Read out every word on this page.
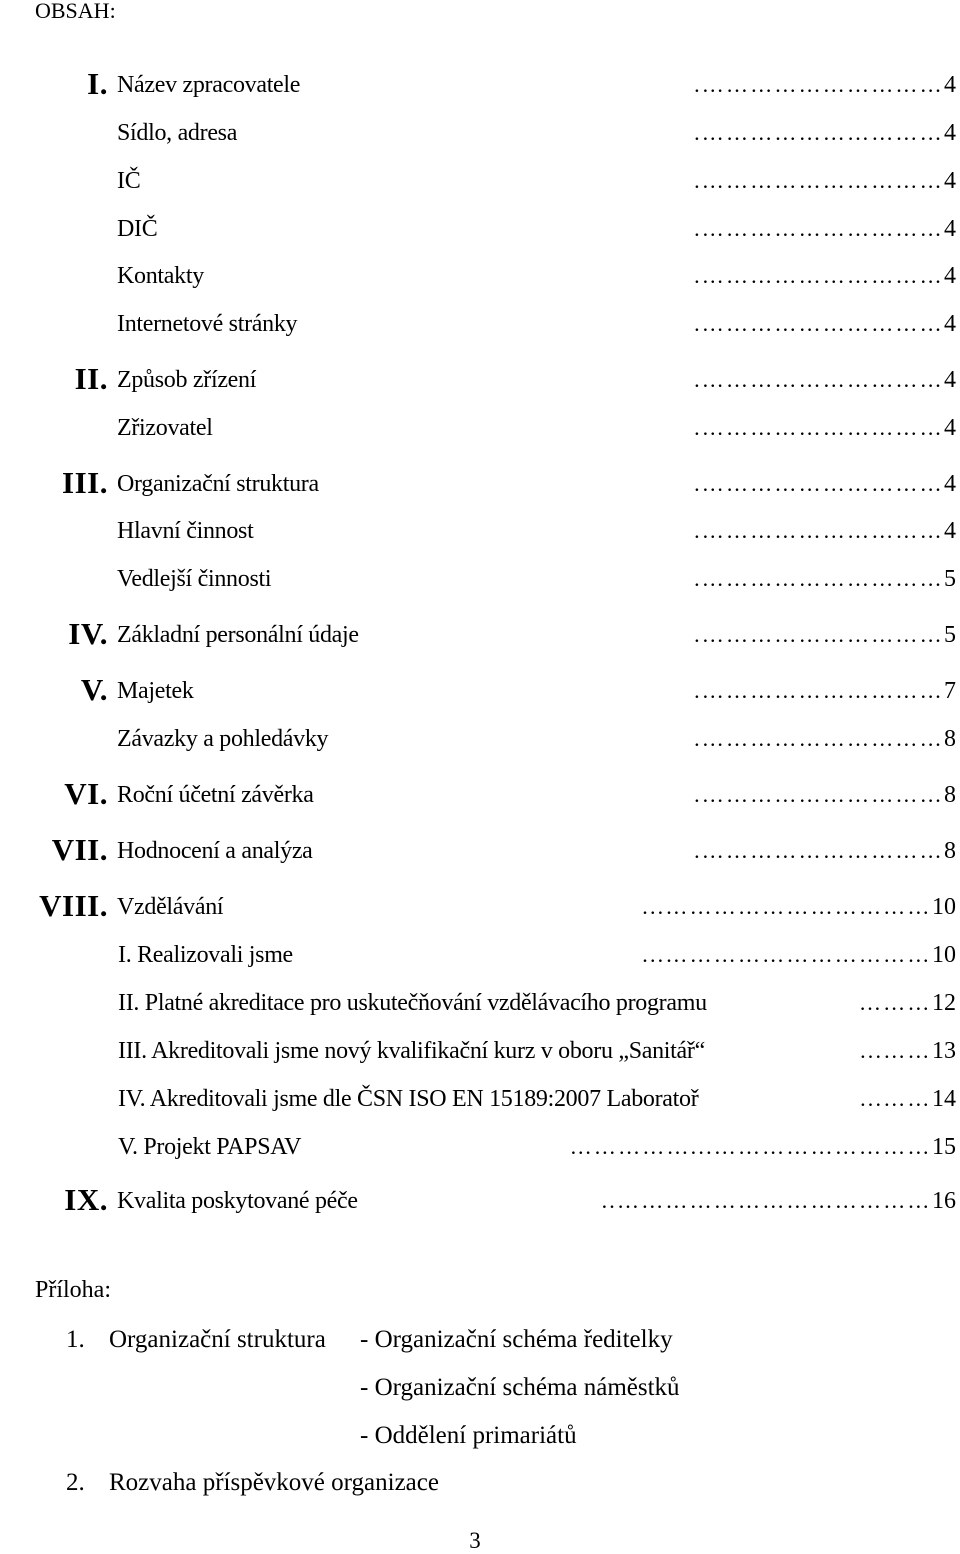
OBSAH:
I. Název zpracovatele	…………………………. 4
Sídlo, adresa	…………………………. 4
IČ	…………………………. 4
DIČ	…………………………. 4
Kontakty	…………………………. 4
Internetové stránky	…………………………. 4
II. Způsob zřízení	…………………………. 4
Zřizovatel	…………………………. 4
III. Organizační struktura	…………………………. 4
Hlavní činnost	…………………………. 4
Vedlejší činnosti	…………………………. 5
IV. Základní personální údaje	…………………………. 5
V. Majetek	…………………………. 7
Závazky a pohledávky	…………………………. 8
VI. Roční účetní závěrka	…………………………. 8
VII. Hodnocení a analýza	…………………………. 8
VIII. Vzdělávání	……………………………... 10
I. Realizovali jsme	……………………………... 10
II. Platné akreditace pro uskutečňování vzdělávacího programu	……… 12
III. Akreditovali jsme nový kvalifikační kurz v oboru „Sanitář“	……... 13
IV. Akreditovali jsme dle ČSN ISO EN 15189:2007 Laboratoř	……... 14
V. Projekt PAPSAV	………………………...…………… 15
IX. Kvalita poskytované péče	………………………………….. 16
Příloha:
1. Organizační struktura - Organizační schéma ředitelky
- Organizační schéma náměstků
- Oddělení primariátů
2. Rozvaha příspěvkové organizace
3
